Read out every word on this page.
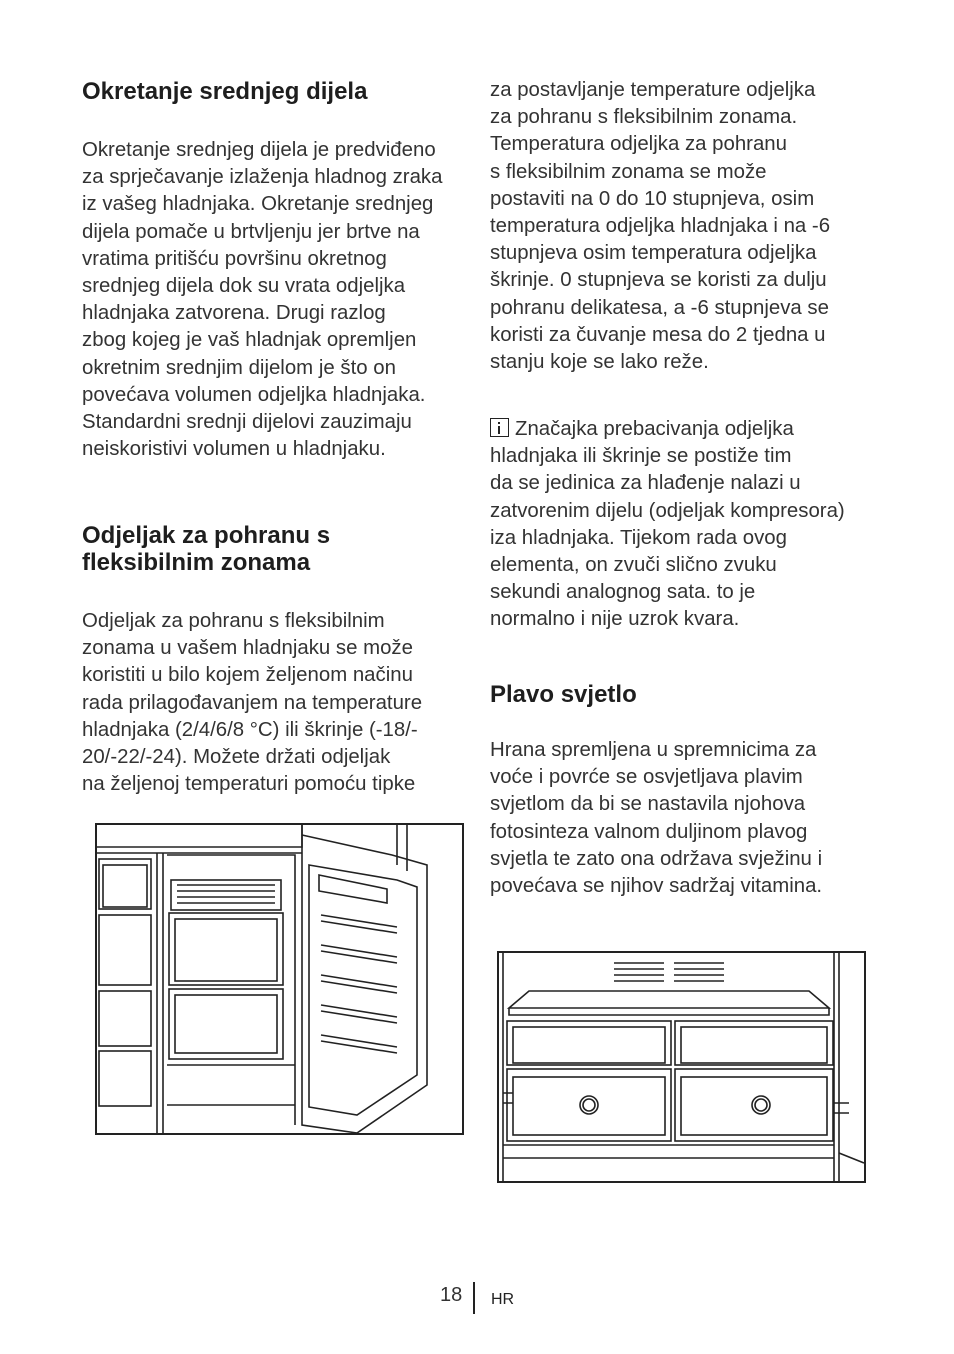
Okretanje srednjeg dijela

Okretanje srednjeg dijela je predviđeno
za sprječavanje izlaženja hladnog zraka
iz vašeg hladnjaka. Okretanje srednjeg
dijela pomače u brtvljenju jer brtve na
vratima pritišću površinu okretnog
srednjeg dijela dok su vrata odjeljka
hladnjaka zatvorena. Drugi razlog
zbog kojeg je vaš hladnjak opremljen
okretnim srednjim dijelom je što on
povećava volumen odjeljka hladnjaka.
Standardni srednji dijelovi zauzimaju
neiskoristivi volumen u hladnjaku.

Odjeljak za pohranu s
fleksibilnim zonama

Odjeljak za pohranu s fleksibilnim
zonama u vašem hladnjaku se može
koristiti u bilo kojem željenom načinu
rada prilagođavanjem na temperature
hladnjaka (2/4/6/8 °C) ili škrinje (-18/-
20/-22/-24). Možete držati odjeljak
na željenoj temperaturi pomoću tipke

za postavljanje temperature odjeljka
za pohranu s fleksibilnim zonama.
Temperatura odjeljka za pohranu
s fleksibilnim zonama se može
postaviti na 0 do 10 stupnjeva, osim
temperatura odjeljka hladnjaka i na -6
stupnjeva osim temperatura odjeljka
škrinje. 0 stupnjeva se koristi za dulju
pohranu delikatesa, a -6 stupnjeva se
koristi za čuvanje mesa do 2 tjedna u
stanju koje se lako reže.

Značajka prebacivanja odjeljka
hladnjaka ili škrinje se postiže tim
da se jedinica za hlađenje nalazi u
zatvorenim dijelu (odjeljak kompresora)
iza hladnjaka. Tijekom rada ovog
elementa, on zvuči slično zvuku
sekundi analognog sata. to je
normalno i nije uzrok kvara.

Plavo svjetlo

Hrana spremljena u spremnicima za
voće i povrće se osvjetljava plavim
svjetlom da bi se nastavila njohova
fotosinteza valnom duljinom plavog
svjetla te zato ona održava svježinu i
povećava se njihov sadržaj vitamina.

18 HR
